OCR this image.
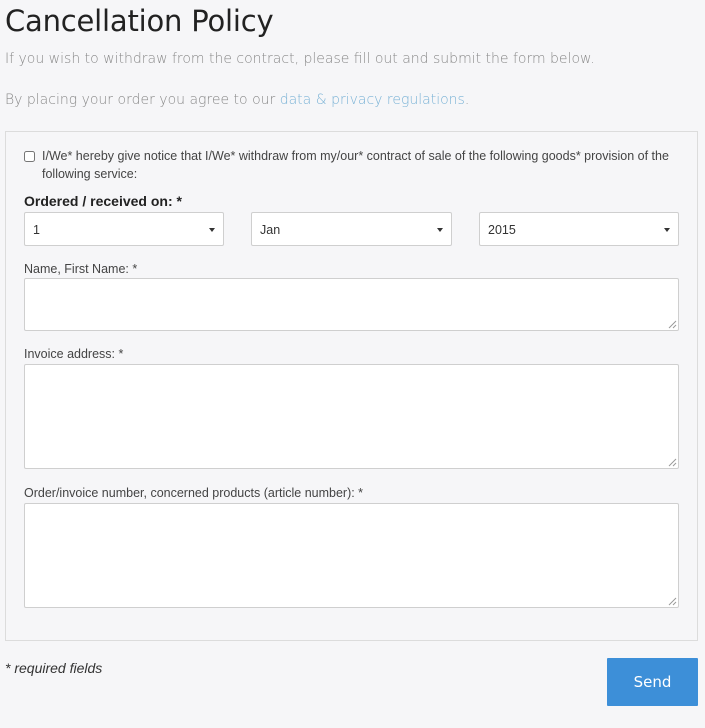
Cancellation Policy

If you wish to withdraw from the contract, please fill out and submit the form below.

By placing your order you agree to our data & privacy regulations.

I/We* hereby give notice that I/We* withdraw from my/our* contract of sale of the following goods* provision of the following service:
Ordered / received on: *
1	Jan	2015
Name, First Name: *
Invoice address: *
Order/invoice number, concerned products (article number): *
* required fields
Send
